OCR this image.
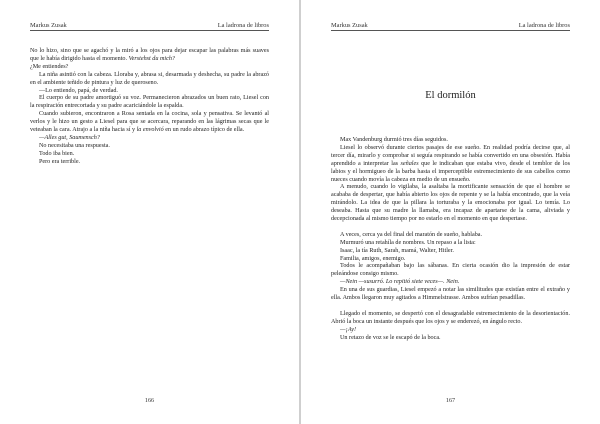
Markus Zusak	La ladrona de libros

No lo hizo, sino que se agachó y la miró a los ojos para dejar escapar las palabras más suaves que le había dirigido hasta el momento. Verstehst du mich?
¿Me entiendes?

La niña asintió con la cabeza. Lloraba y, abrasa si, desarmada y deshecha, su padre la abrazó en el ambiente teñido de pintura y luz de queroseno.

—Lo entiendo, papá, de verdad.

El cuerpo de su padre amortiguó su voz. Permanecieron abrazados un buen rato, Liesel con la respiración entrecortada y su padre acariciándole la espalda.

Cuando subieron, encontraron a Rosa sentada en la cocina, sola y pensativa. Se levantó al verlos y le hizo un gesto a Liesel para que se acercara, reparando en las lágrimas secas que le veteaban la cara. Atrajo a la niña hacia sí y la envolvió en un rudo abrazo típico de ella.

—Alles gut, Saumensch?

No necesitaba una respuesta.

Todo iba bien.

Pero era terrible.

166
Markus Zusak	La ladrona de libros
El dormilón

Max Vandenburg durmió tres días seguidos.

Liesel lo observó durante ciertos pasajes de ese sueño. En realidad podría decirse que, al tercer día, mirarlo y comprobar si seguía respirando se había convertido en una obsesión. Había aprendido a interpretar las señales que le indicaban que estaba vivo, desde el temblor de los labios y el hormigueo de la barba hasta el imperceptible estremecimiento de sus cabellos como nueces cuando movía la cabeza en medio de un ensueño.

A menudo, cuando lo vigilaba, la asaltaba la mortificante sensación de que el hombre se acababa de despertar, que había abierto los ojos de repente y se la había encontrado, que la veía mirándolo. La idea de que la pillara la torturaba y la emocionaba por igual. Lo temía. Lo deseaba. Hasta que su madre la llamaba, era incapaz de apartarse de la cama, aliviada y decepcionada al mismo tiempo por no estarlo en el momento en que despertase.

A veces, cerca ya del final del maratón de sueño, hablaba.

Murmuró una retahíla de nombres. Un repaso a la lista:

Isaac, la tía Ruth, Sarah, mamá, Walter, Hitler.

Familia, amigos, enemigo.

Todos le acompañaban bajo las sábanas. En cierta ocasión dio la impresión de estar peleándose consigo mismo.

—Nein —susurró. Lo repitió siete veces—. Nein.

En una de sus guardias, Liesel empezó a notar las similitudes que existían entre el extraño y ella. Ambos llegaron muy agitados a Himmelstrasse. Ambos sufrían pesadillas.

Llegado el momento, se despertó con el desagradable estremecimiento de la desorientación. Abrió la boca un instante después que los ojos y se enderezó, en ángulo recto.

—¡Ay!

Un retazo de voz se le escapó de la boca.

167
